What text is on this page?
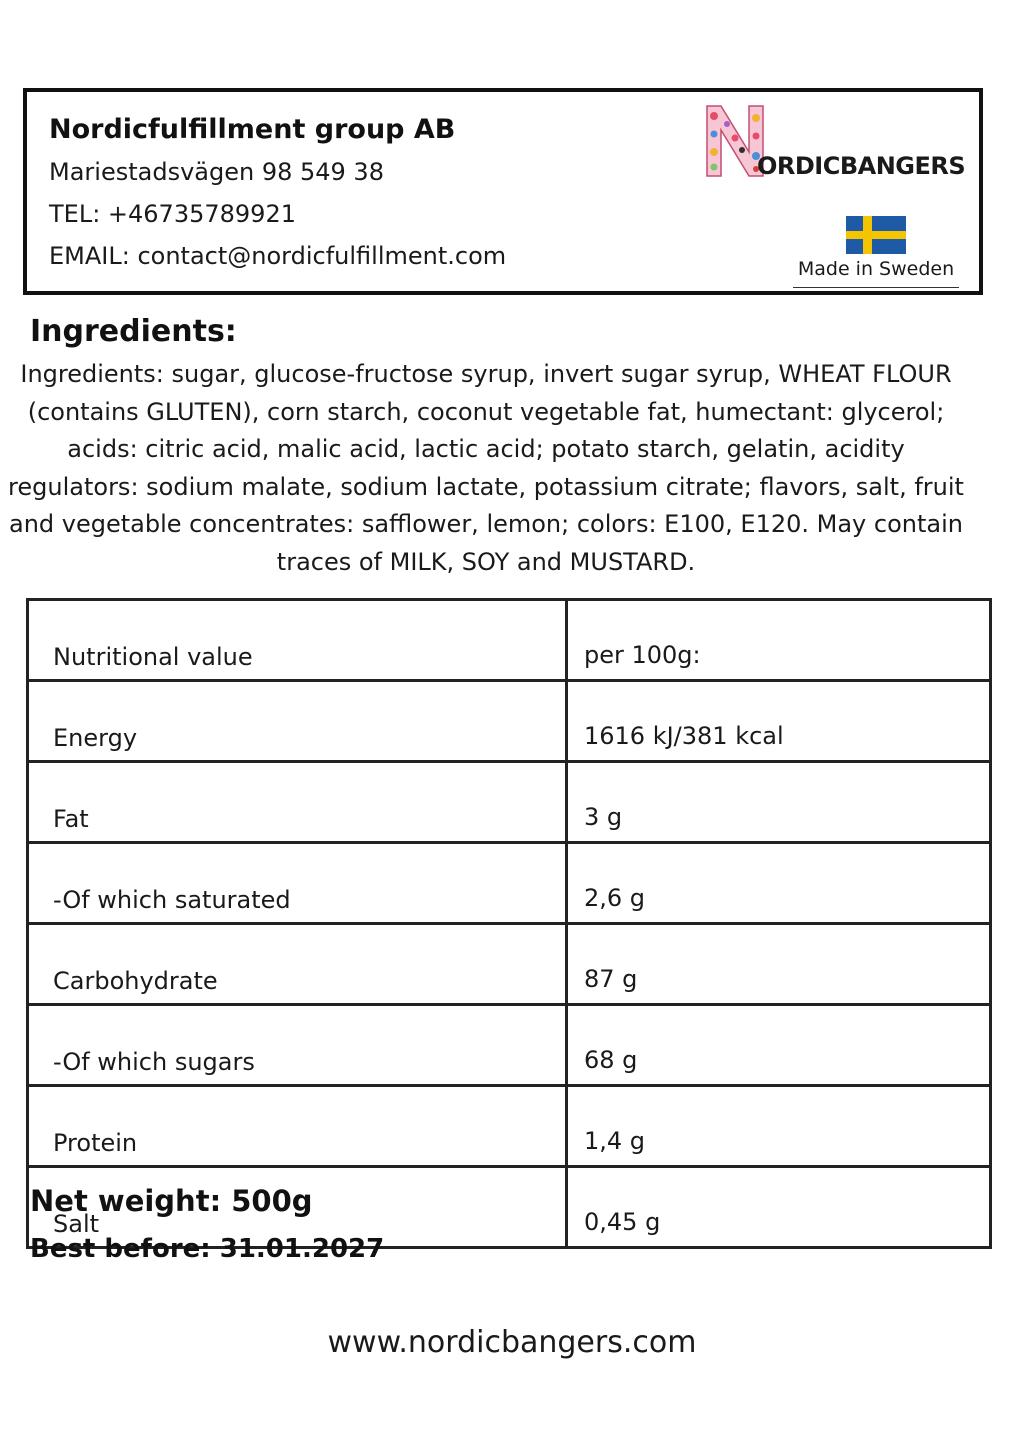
Nordicfulfillment group AB
Mariestadsvägen 98 549 38
TEL: +46735789921
EMAIL: contact@nordicfulfillment.com
ORDICBANGERS
Made in Sweden
Ingredients:
Ingredients: sugar, glucose-fructose syrup, invert sugar syrup, WHEAT FLOUR (contains GLUTEN), corn starch, coconut vegetable fat, humectant: glycerol; acids: citric acid, malic acid, lactic acid; potato starch, gelatin, acidity regulators: sodium malate, sodium lactate, potassium citrate; flavors, salt, fruit and vegetable concentrates: safflower, lemon; colors: E100, E120. May contain traces of MILK, SOY and MUSTARD.
Nutritional value	per 100g:
Energy	1616 kJ/381 kcal
Fat	3 g
-Of which saturated	2,6 g
Carbohydrate	87 g
-Of which sugars	68 g
Protein	1,4 g
Salt	0,45 g
Net weight: 500g
Best before: 31.01.2027
www.nordicbangers.com
